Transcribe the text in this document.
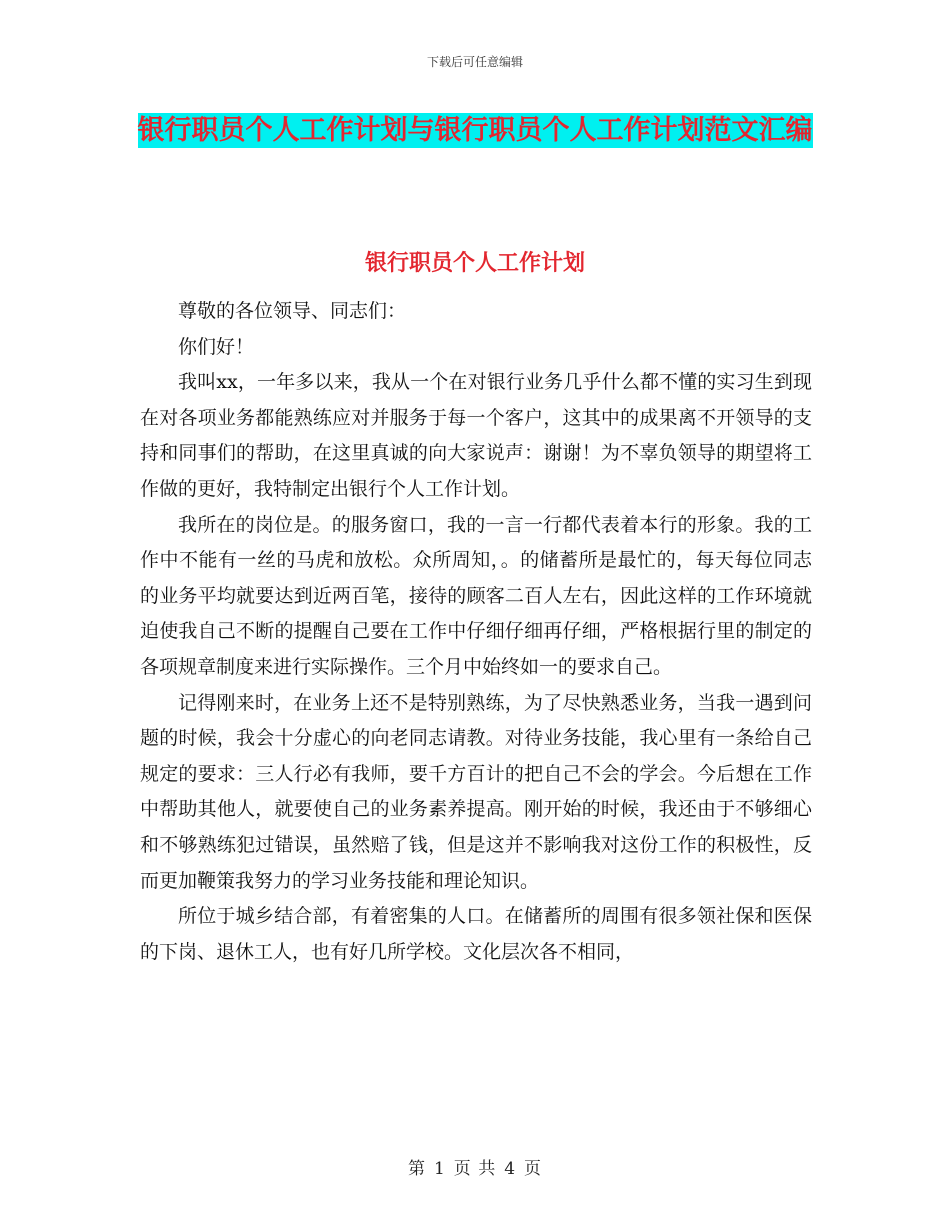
下载后可任意编辑
银行职员个人工作计划与银行职员个人工作计划范文汇编
银行职员个人工作计划

尊敬的各位领导、同志们：

你们好！

我叫xx，一年多以来，我从一个在对银行业务几乎什么都不懂的实习生到现在对各项业务都能熟练应对并服务于每一个客户，这其中的成果离不开领导的支持和同事们的帮助，在这里真诚的向大家说声：谢谢！为不辜负领导的期望将工作做的更好，我特制定出银行个人工作计划。

我所在的岗位是。的服务窗口，我的一言一行都代表着本行的形象。我的工作中不能有一丝的马虎和放松。众所周知，。的储蓄所是最忙的，每天每位同志的业务平均就要达到近两百笔，接待的顾客二百人左右，因此这样的工作环境就迫使我自己不断的提醒自己要在工作中仔细仔细再仔细，严格根据行里的制定的各项规章制度来进行实际操作。三个月中始终如一的要求自己。

记得刚来时，在业务上还不是特别熟练，为了尽快熟悉业务，当我一遇到问题的时候，我会十分虚心的向老同志请教。对待业务技能，我心里有一条给自己规定的要求：三人行必有我师，要千方百计的把自己不会的学会。今后想在工作中帮助其他人，就要使自己的业务素养提高。刚开始的时候，我还由于不够细心和不够熟练犯过错误，虽然赔了钱，但是这并不影响我对这份工作的积极性，反而更加鞭策我努力的学习业务技能和理论知识。

所位于城乡结合部，有着密集的人口。在储蓄所的周围有很多领社保和医保的下岗、退休工人，也有好几所学校。文化层次各不相同，

第 1 页 共 4 页
